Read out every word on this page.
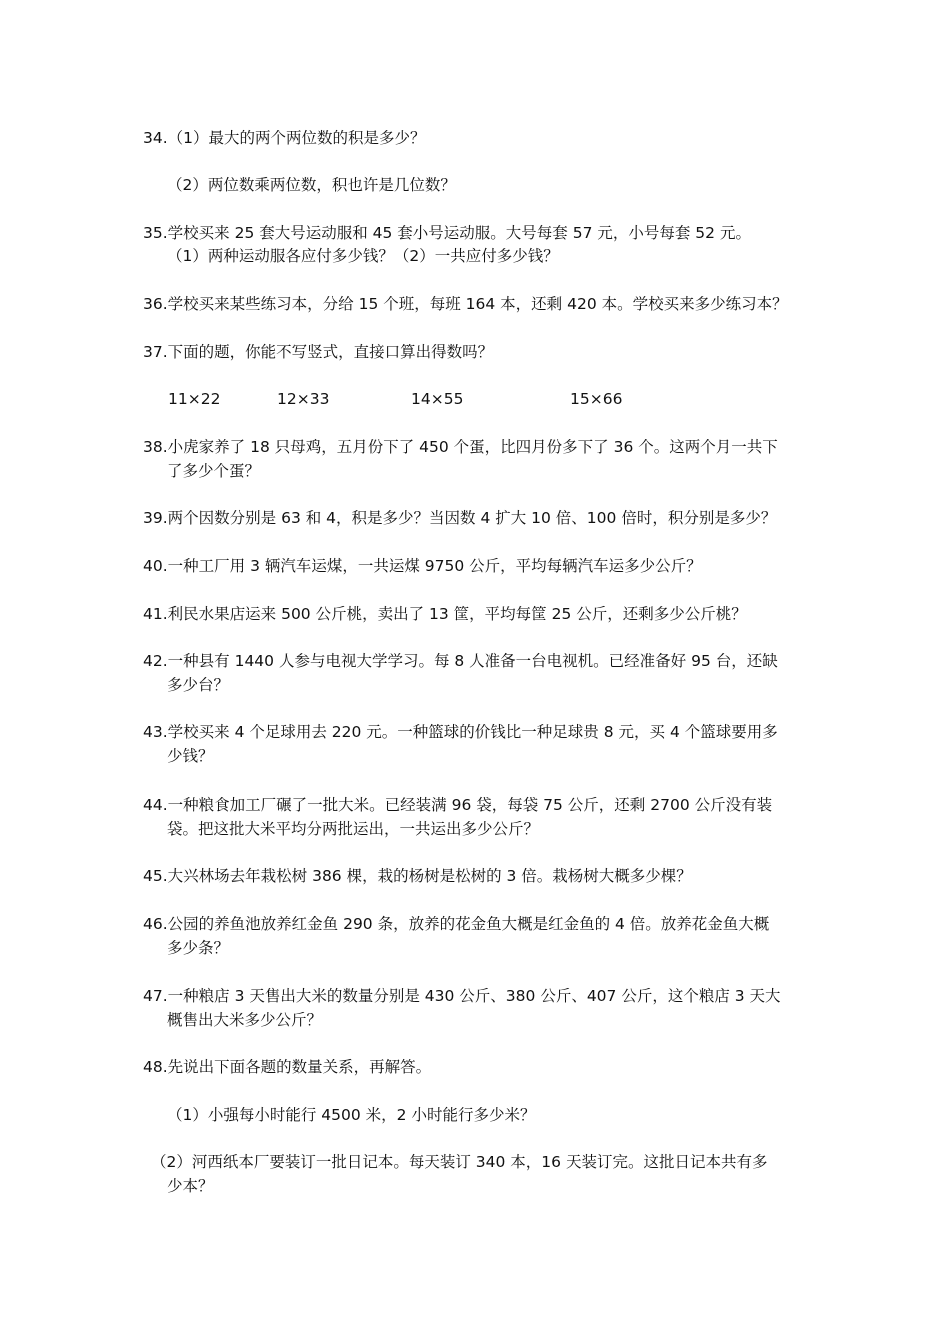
34.（1）最大的两个两位数的积是多少？
（2）两位数乘两位数，积也许是几位数？
35.学校买来 25 套大号运动服和 45 套小号运动服。大号每套 57 元，小号每套 52 元。
（1）两种运动服各应付多少钱？（2）一共应付多少钱？
36.学校买来某些练习本，分给 15 个班，每班 164 本，还剩 420 本。学校买来多少练习本？
37.下面的题，你能不写竖式，直接口算出得数吗？
11×22	12×33	14×55	15×66
38.小虎家养了 18 只母鸡，五月份下了 450 个蛋，比四月份多下了 36 个。这两个月一共下
了多少个蛋？
39.两个因数分别是 63 和 4，积是多少？当因数 4 扩大 10 倍、100 倍时，积分别是多少？
40.一种工厂用 3 辆汽车运煤，一共运煤 9750 公斤，平均每辆汽车运多少公斤？
41.利民水果店运来 500 公斤桃，卖出了 13 筐，平均每筐 25 公斤，还剩多少公斤桃？
42.一种县有 1440 人参与电视大学学习。每 8 人准备一台电视机。已经准备好 95 台，还缺
多少台？
43.学校买来 4 个足球用去 220 元。一种篮球的价钱比一种足球贵 8 元，买 4 个篮球要用多
少钱？
44.一种粮食加工厂碾了一批大米。已经装满 96 袋，每袋 75 公斤，还剩 2700 公斤没有装
袋。把这批大米平均分两批运出，一共运出多少公斤？
45.大兴林场去年栽松树 386 棵，栽的杨树是松树的 3 倍。栽杨树大概多少棵？
46.公园的养鱼池放养红金鱼 290 条，放养的花金鱼大概是红金鱼的 4 倍。放养花金鱼大概
多少条？
47.一种粮店 3 天售出大米的数量分别是 430 公斤、380 公斤、407 公斤，这个粮店 3 天大
概售出大米多少公斤？
48.先说出下面各题的数量关系，再解答。
（1）小强每小时能行 4500 米，2 小时能行多少米？
（2）河西纸本厂要装订一批日记本。每天装订 340 本，16 天装订完。这批日记本共有多
少本？
